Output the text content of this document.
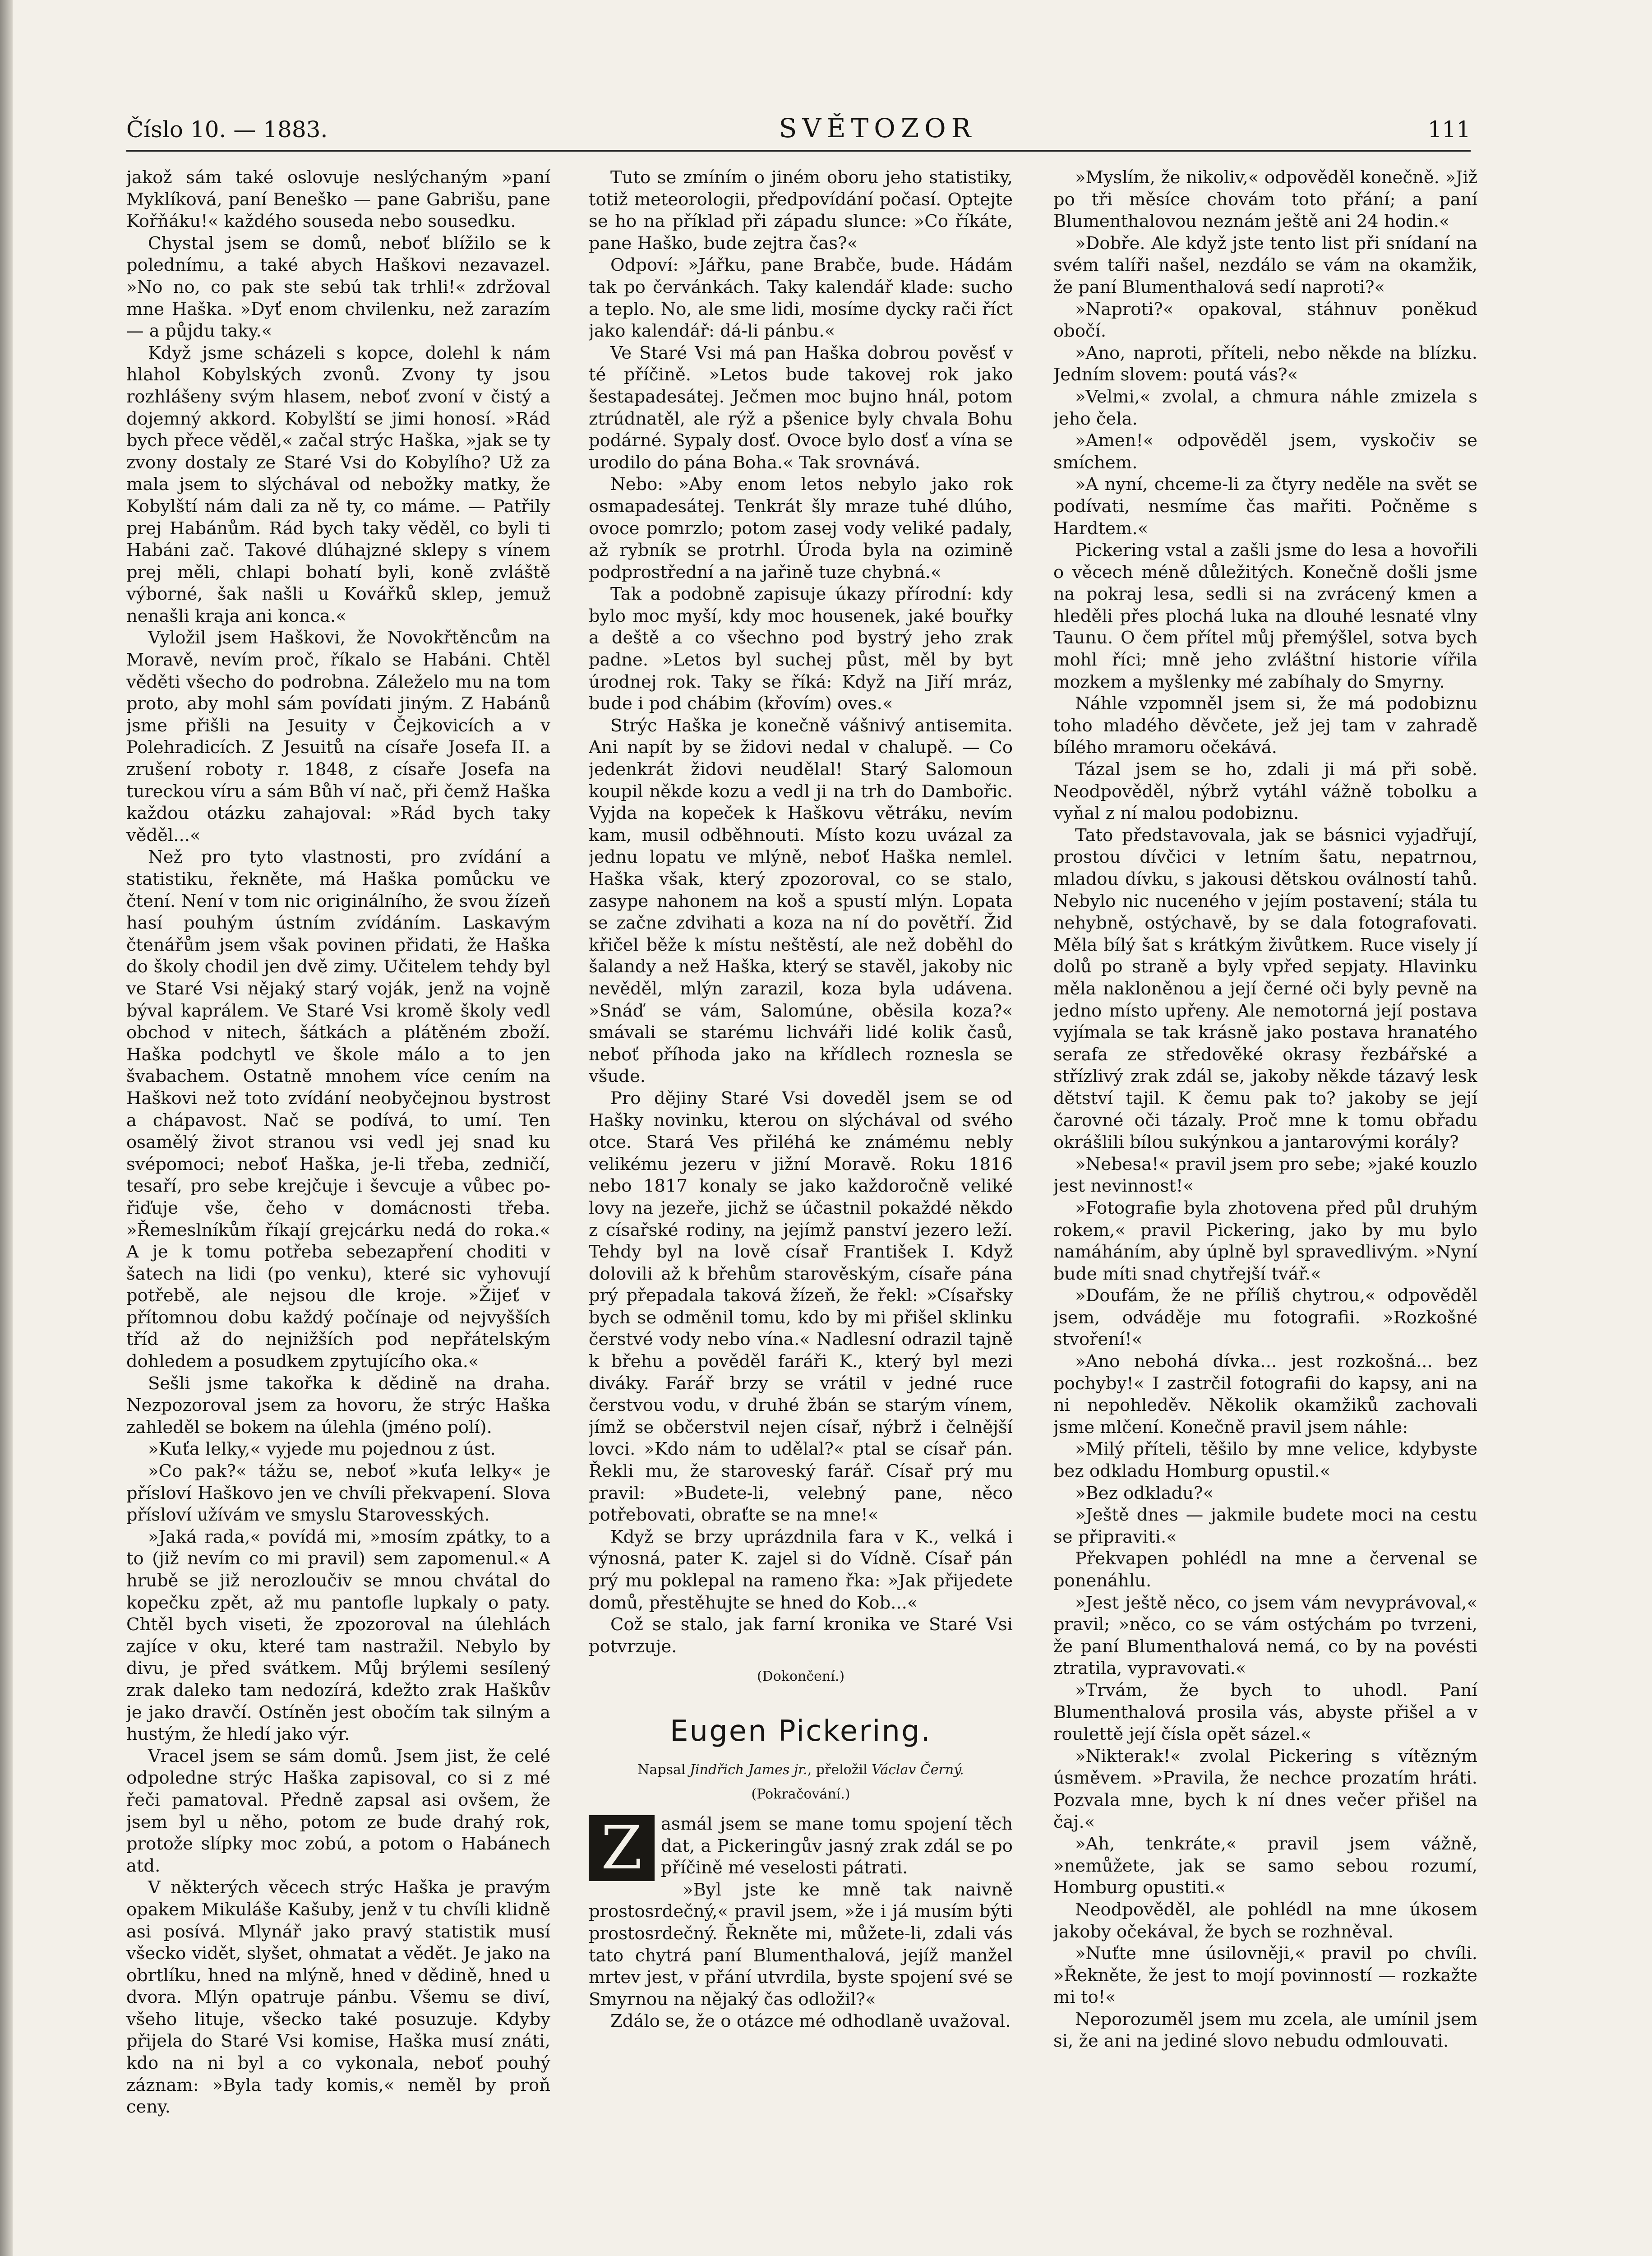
Číslo 10. — 1883.	SVĚTOZOR	111

jakož sám také oslovuje neslýchaným »paní Myklíková, paní Beneško — pane Gabrišu, pane Kořňáku!« každého souseda nebo sousedku.

Chystal jsem se domů, neboť blížilo se k polednímu, a také abych Haškovi nezavazel. »No no, co pak ste sebú tak trhli!« zdržoval mne Haška. »Dyť enom chvilenku, než zarazím — a půjdu taky.«

Když jsme scházeli s kopce, dolehl k nám hlahol Kobylských zvonů. Zvony ty jsou rozhlášeny svým hlasem, neboť zvoní v čistý a dojemný akkord. Kobylští se jimi honosí. »Rád bych přece věděl,« začal strýc Haška, »jak se ty zvony dostaly ze Staré Vsi do Kobylího? Už za mala jsem to slýchával od nebožky matky, že Kobylští nám dali za ně ty, co máme. — Patřily prej Habánům. Rád bych taky věděl, co byli ti Habáni zač. Takové dlúhajzné sklepy s vínem prej měli, chlapi bohatí byli, koně zvláště výborné, šak našli u Kovářků sklep, jemuž nenašli kraja ani konca.«

Vyložil jsem Haškovi, že Novokřtěncům na Moravě, nevím proč, říkalo se Habáni. Chtěl věděti všecho do podrobna. Záleželo mu na tom proto, aby mohl sám povídati jiným. Z Habánů jsme přišli na Jesuity v Čejkovicích a v Polehradicích. Z Jesuitů na císaře Josefa II. a zrušení roboty r. 1848, z císaře Josefa na tureckou víru a sám Bůh ví nač, při čemž Haška každou otázku zahajoval: »Rád bych taky věděl...«

Než pro tyto vlastnosti, pro zvídání a statistiku, řekněte, má Haška pomůcku ve čtení. Není v tom nic originálního, že svou žízeň hasí pouhým ústním zvídáním. Laskavým čtenářům jsem však povinen přidati, že Haška do školy chodil jen dvě zimy. Učitelem tehdy byl ve Staré Vsi nějaký starý voják, jenž na vojně býval kaprálem. Ve Staré Vsi kromě školy vedl obchod v nitech, šátkách a plátěném zboží. Haška podchytl ve škole málo a to jen švabachem. Ostatně mnohem více cením na Haškovi než toto zvídání neobyčejnou bystrost a chápavost. Nač se podívá, to umí. Ten osamělý život stranou vsi vedl jej snad ku svépomoci; neboť Haška, je-li třeba, zedničí, tesaří, pro sebe krejčuje i ševcuje a vůbec po-řiďuje vše, čeho v domácnosti třeba. »Řemeslníkům říkají grejcárku nedá do roka.« A je k tomu potřeba sebezapření choditi v šatech na lidi (po venku), které sic vyhovují potřebě, ale nejsou dle kroje. »Žijeť v přítomnou dobu každý počínaje od nejvyšších tříd až do nejnižších pod nepřátelským dohledem a posudkem zpytujícího oka.«

Sešli jsme takořka k dědině na draha. Nezpozoroval jsem za hovoru, že strýc Haška zahleděl se bokem na úlehla (jméno polí).

»Kuťa lelky,« vyjede mu pojednou z úst.

»Co pak?« tážu se, neboť »kuťa lelky« je přísloví Haškovo jen ve chvíli překvapení. Slova přísloví užívám ve smyslu Starovesských.

»Jaká rada,« povídá mi, »mosím zpátky, to a to (již nevím co mi pravil) sem zapomenul.« A hrubě se již nerozloučiv se mnou chvátal do kopečku zpět, až mu pantofle lupkaly o paty. Chtěl bych viseti, že zpozoroval na úlehlách zajíce v oku, které tam nastražil. Nebylo by divu, je před svátkem. Můj brýlemi sesílený zrak daleko tam nedozírá, kdežto zrak Haškův je jako dravčí. Ostíněn jest obočím tak silným a hustým, že hledí jako výr.

Vracel jsem se sám domů. Jsem jist, že celé odpoledne strýc Haška zapisoval, co si z mé řeči pamatoval. Předně zapsal asi ovšem, že jsem byl u něho, potom ze bude drahý rok, protože slípky moc zobú, a potom o Habánech atd.

V některých věcech strýc Haška je pravým opakem Mikuláše Kašuby, jenž v tu chvíli klidně asi posívá. Mlynář jako pravý statistik musí všecko vidět, slyšet, ohmatat a vědět. Je jako na obrtlíku, hned na mlýně, hned v dědině, hned u dvora. Mlýn opatruje pánbu. Všemu se diví, všeho lituje, všecko také posuzuje. Kdyby přijela do Staré Vsi komise, Haška musí znáti, kdo na ni byl a co vykonala, neboť pouhý záznam: »Byla tady komis,« neměl by proň ceny.

Tuto se zmíním o jiném oboru jeho statistiky, totiž meteorologii, předpovídání počasí. Optejte se ho na příklad při západu slunce: »Co říkáte, pane Haško, bude zejtra čas?«

Odpoví: »Jářku, pane Brabče, bude. Hádám tak po červánkách. Taky kalendář klade: sucho a teplo. No, ale sme lidi, mosíme dycky rači říct jako kalendář: dá-li pánbu.«

Ve Staré Vsi má pan Haška dobrou pověsť v té příčině. »Letos bude takovej rok jako šestapadesátej. Ječmen moc bujno hnál, potom ztrúdnatěl, ale rýž a pšenice byly chvala Bohu podárné. Sypaly dosť. Ovoce bylo dosť a vína se urodilo do pána Boha.« Tak srovnává.

Nebo: »Aby enom letos nebylo jako rok osmapadesátej. Tenkrát šly mraze tuhé dlúho, ovoce pomrzlo; potom zasej vody veliké padaly, až rybník se protrhl. Úroda byla na ozimině podprostřední a na jařině tuze chybná.«

Tak a podobně zapisuje úkazy přírodní: kdy bylo moc myší, kdy moc housenek, jaké bouřky a deště a co všechno pod bystrý jeho zrak padne. »Letos byl suchej půst, měl by byt úrodnej rok. Taky se říká: Když na Jiří mráz, bude i pod chábim (křovím) oves.«

Strýc Haška je konečně vášnivý antisemita. Ani napít by se židovi nedal v chalupě. — Co jedenkrát židovi neudělal! Starý Salomoun koupil někde kozu a vedl ji na trh do Dambořic. Vyjda na kopeček k Haškovu větráku, nevím kam, musil odběhnouti. Místo kozu uvázal za jednu lopatu ve mlýně, neboť Haška nemlel. Haška však, který zpozoroval, co se stalo, zasype nahonem na koš a spustí mlýn. Lopata se začne zdvihati a koza na ní do povětří. Žid křičel běže k místu neštěstí, ale než doběhl do šalandy a než Haška, který se stavěl, jakoby nic nevěděl, mlýn zarazil, koza byla udávena. »Snáď se vám, Salomúne, oběsila koza?« smávali se starému lichváři lidé kolik časů, neboť příhoda jako na křídlech roznesla se všude.

Pro dějiny Staré Vsi doveděl jsem se od Hašky novinku, kterou on slýchával od svého otce. Stará Ves přiléhá ke známému nebly velikému jezeru v jižní Moravě. Roku 1816 nebo 1817 konaly se jako každoročně veliké lovy na jezeře, jichž se účastnil pokaždé někdo z císařské rodiny, na jejímž panství jezero leží. Tehdy byl na lově císař František I. Když dolovili až k břehům starověským, císaře pána prý přepadala taková žízeň, že řekl: »Císařsky bych se odměnil tomu, kdo by mi přišel sklinku čerstvé vody nebo vína.« Nadlesní odrazil tajně k břehu a pověděl faráři K., který byl mezi diváky. Farář brzy se vrátil v jedné ruce čerstvou vodu, v druhé žbán se starým vínem, jímž se občerstvil nejen císař, nýbrž i čelnější lovci. »Kdo nám to udělal?« ptal se císař pán. Řekli mu, že staroveský farář. Císař prý mu pravil: »Budete-li, velebný pane, něco potřebovati, obraťte se na mne!«

Když se brzy uprázdnila fara v K., velká i výnosná, pater K. zajel si do Vídně. Císař pán prý mu poklepal na rameno řka: »Jak přijedete domů, přestěhujte se hned do Kob...«

Což se stalo, jak farní kronika ve Staré Vsi potvrzuje.

(Dokončení.)
Eugen Pickering.
Napsal Jindřich James jr., přeložil Václav Černý.
(Pokračování.)
Z	asmál jsem se mane tomu spojení těch dat, a Pickeringův jasný zrak zdál se po příčině mé veselosti pátrati.

»Byl jste ke mně tak naivně prostosrdečný,« pravil jsem, »že i já musím býti prostosrdečný. Řekněte mi, můžete-li, zdali vás tato chytrá paní Blumenthalová, jejíž manžel mrtev jest, v přání utvrdila, byste spojení své se Smyrnou na nějaký čas odložil?«

Zdálo se, že o otázce mé odhodlaně uvažoval.

»Myslím, že nikoliv,« odpověděl konečně. »Již po tři měsíce chovám toto přání; a paní Blumenthalovou neznám ještě ani 24 hodin.«

»Dobře. Ale když jste tento list při snídaní na svém talíři našel, nezdálo se vám na okamžik, že paní Blumenthalová sedí naproti?«

»Naproti?« opakoval, stáhnuv poněkud obočí.

»Ano, naproti, příteli, nebo někde na blízku. Jedním slovem: poutá vás?«

»Velmi,« zvolal, a chmura náhle zmizela s jeho čela.

»Amen!« odpověděl jsem, vyskočiv se smíchem.

»A nyní, chceme-li za čtyry neděle na svět se podívati, nesmíme čas mařiti. Počněme s Hardtem.«

Pickering vstal a zašli jsme do lesa a hovořili o věcech méně důležitých. Konečně došli jsme na pokraj lesa, sedli si na zvrácený kmen a hleděli přes plochá luka na dlouhé lesnaté vlny Taunu. O čem přítel můj přemýšlel, sotva bych mohl říci; mně jeho zvláštní historie vířila mozkem a myšlenky mé zabíhaly do Smyrny.

Náhle vzpomněl jsem si, že má podobiznu toho mladého děvčete, jež jej tam v zahradě bílého mramoru očekává.

Tázal jsem se ho, zdali ji má při sobě. Neodpověděl, nýbrž vytáhl vážně tobolku a vyňal z ní malou podobiznu.

Tato představovala, jak se básnici vyjadřují, prostou dívčici v letním šatu, nepatrnou, mladou dívku, s jakousi dětskou oválností tahů. Nebylo nic nuceného v jejím postavení; stála tu nehybně, ostýchavě, by se dala fotografovati. Měla bílý šat s krátkým živůtkem. Ruce visely jí dolů po straně a byly vpřed sepjaty. Hlavinku měla nakloněnou a její černé oči byly pevně na jedno místo upřeny. Ale nemotorná její postava vyjímala se tak krásně jako postava hranatého serafa ze středověké okrasy řezbářské a střízlivý zrak zdál se, jakoby někde tázavý lesk dětství tajil. K čemu pak to? jakoby se její čarovné oči tázaly. Proč mne k tomu obřadu okrášlili bílou sukýnkou a jantarovými korály?

»Nebesa!« pravil jsem pro sebe; »jaké kouzlo jest nevinnost!«

»Fotografie byla zhotovena před půl druhým rokem,« pravil Pickering, jako by mu bylo namáháním, aby úplně byl spravedlivým. »Nyní bude míti snad chytřejší tvář.«

»Doufám, že ne příliš chytrou,« odpověděl jsem, odváděje mu fotografii. »Rozkošné stvoření!«

»Ano nebohá dívka... jest rozkošná... bez pochyby!« I zastrčil fotografii do kapsy, ani na ni nepohleděv. Několik okamžiků zachovali jsme mlčení. Konečně pravil jsem náhle:

»Milý příteli, těšilo by mne velice, kdybyste bez odkladu Homburg opustil.«

»Bez odkladu?«

»Ještě dnes — jakmile budete moci na cestu se připraviti.«

Překvapen pohlédl na mne a červenal se ponenáhlu.

»Jest ještě něco, co jsem vám nevyprávoval,« pravil; »něco, co se vám ostýchám po tvrzeni, že paní Blumenthalová nemá, co by na povésti ztratila, vypravovati.«

»Trvám, že bych to uhodl. Paní Blumenthalová prosila vás, abyste přišel a v roulettě její čísla opět sázel.«

»Nikterak!« zvolal Pickering s vítězným úsměvem. »Pravila, že nechce prozatím hráti. Pozvala mne, bych k ní dnes večer přišel na čaj.«

»Ah, tenkráte,« pravil jsem vážně, »nemůžete, jak se samo sebou rozumí, Homburg opustiti.«

Neodpověděl, ale pohlédl na mne úkosem jakoby očekával, že bych se rozhněval.

»Nuťte mne úsilovněji,« pravil po chvíli. »Řekněte, že jest to mojí povinností — rozkažte mi to!«

Neporozuměl jsem mu zcela, ale umínil jsem si, že ani na jediné slovo nebudu odmlouvati.
